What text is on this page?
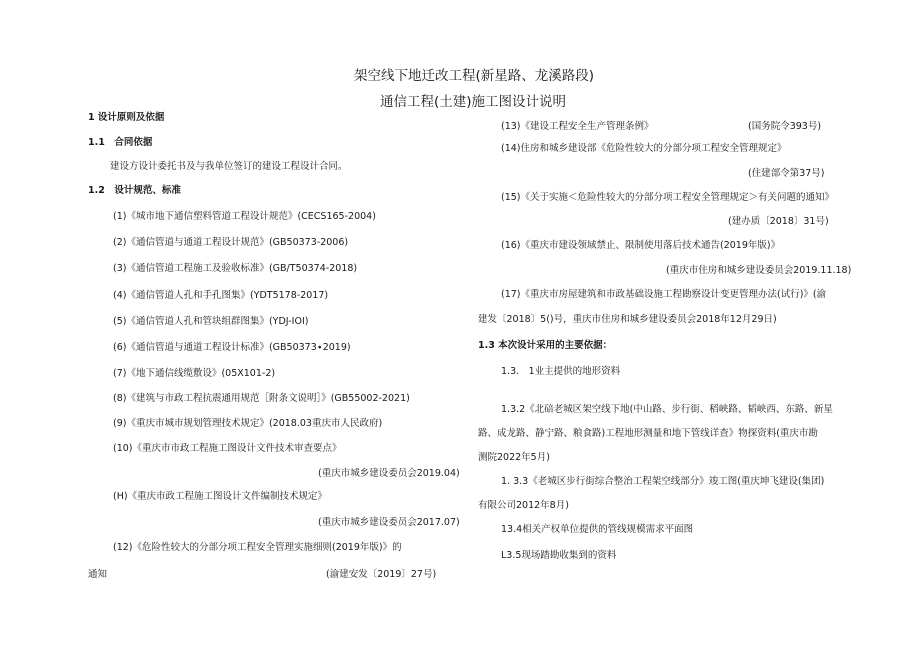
架空线下地迁改工程(新星路、龙溪路段)
通信工程(土建)施工图设计说明
1 设计原则及依据
1.1　合同依据
建设方设计委托书及与我单位签订的建设工程设计合同。
1.2　设计规范、标准
(1)《城市地下通信塑料管道工程设计规范》(CECS165-2004)
(2)《通信管道与通道工程设计规范》(GB50373-2006)
(3)《通信管道工程施工及验收标准》(GB/T50374-2018)
(4)《通信管道人孔和手孔图集》(YDT5178-2017)
(5)《通信管道人孔和管块组群图集》(YDJ-IOI)
(6)《通信管道与通道工程设计标准》(GB50373∙2019)
(7)《地下通信线缆敷设》(05X101-2)
(8)《建筑与市政工程抗震通用规范［附条文说明］》(GB55002-2021)
(9)《重庆市城市规划管理技术规定》(2018.03重庆市人民政府)
(10)《重庆市市政工程施工图设计文件技术审查要点》
(重庆市城乡建设委员会2019.04)
(H)《重庆市政工程施工图设计文件编制技术规定》
(重庆市城乡建设委员会2017.07)
(12)《危险性较大的分部分项工程安全管理实施细则(2019年版)》的
通知	(渝建安发〔2019〕27号)
(13)《建设工程安全生产管理条例》	(国务院令393号)
(14)住房和城乡建设部《危险性较大的分部分项工程安全管理规定》
(住建部令第37号)
(15)《关于实施＜危险性较大的分部分项工程安全管理规定＞有关问题的通知》
(建办质〔2018〕31号)
(16)《重庆市建设领域禁止、限制使用落后技术通告(2019年版)》
(重庆市住房和城乡建设委员会2019.11.18)
(17)《重庆市房屋建筑和市政基础设施工程勘察设计变更管理办法(试行)》(渝
建发〔2018〕5()号，重庆市住房和城乡建设委员会2018年12月29日)
1.3 本次设计采用的主要依据：
1.3.　1业主提供的地形资料
1.3.2《北碚老城区架空线下地(中山路、步行街、稻峡路、韬峡西、东路、新星
路、成龙路、静宁路、粮食路)工程地形测量和地下管线详查》物探资料(重庆市勘
测院2022年5月)
1. 3.3《老城区步行街综合整治工程架空线部分》竣工图(重庆坤飞建设(集团)
有限公司2012年8月)
13.4相关产权单位提供的管线规模需求平面图
L3.5现场踏勘收集到的资料
